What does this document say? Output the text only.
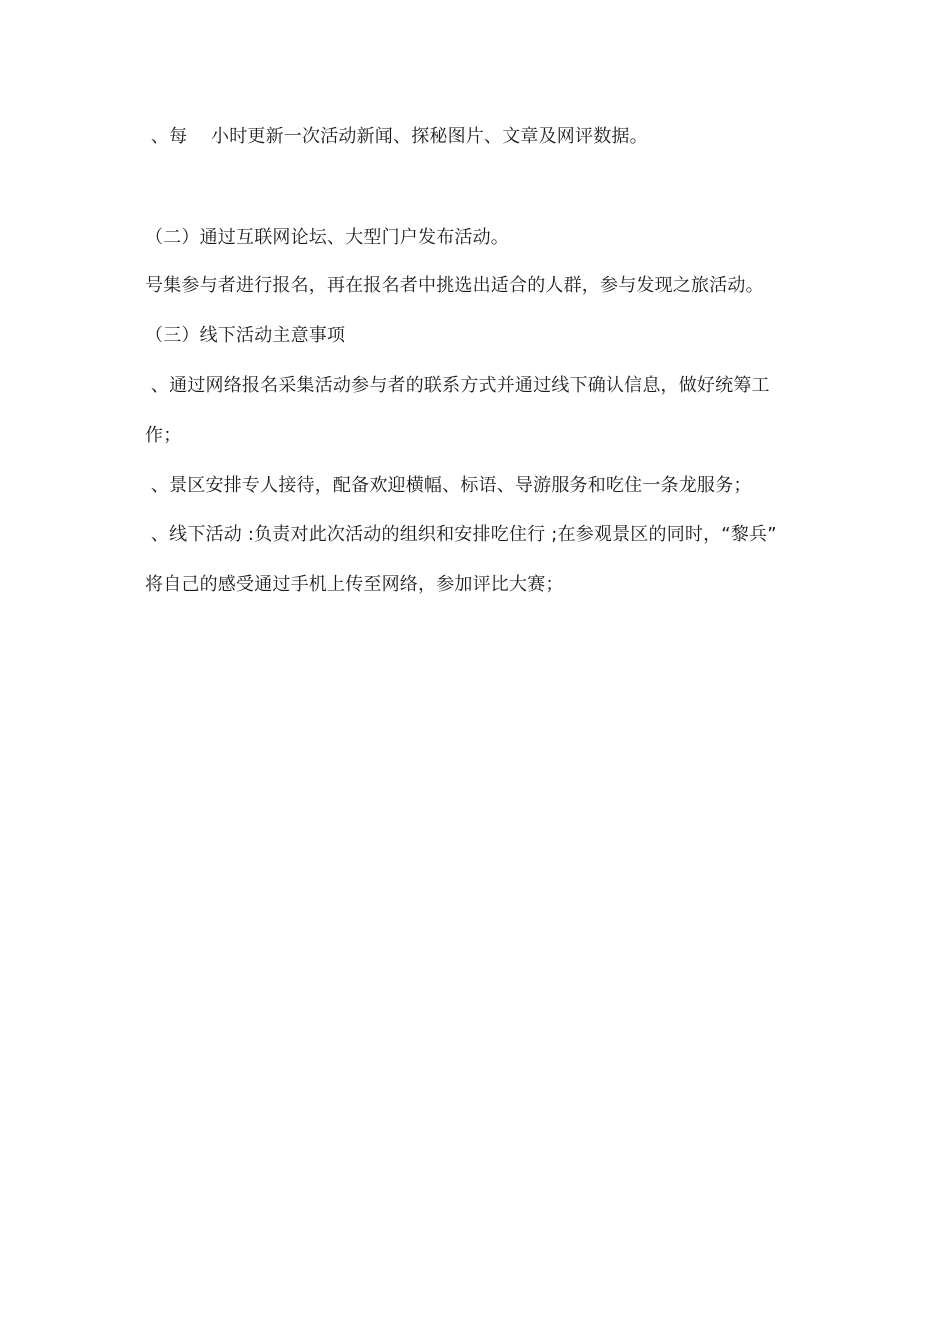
、每    小时更新一次活动新闻、探秘图片、文章及网评数据。
（二）通过互联网论坛、大型门户发布活动。
号集参与者进行报名，再在报名者中挑选出适合的人群，参与发现之旅活动。
（三）线下活动主意事项
、通过网络报名采集活动参与者的联系方式并通过线下确认信息，做好统筹工
作；
、景区安排专人接待，配备欢迎横幅、标语、导游服务和吃住一条龙服务；
、线下活动 :负责对此次活动的组织和安排吃住行 ;在参观景区的同时，“黎兵”
将自己的感受通过手机上传至网络，参加评比大赛；
